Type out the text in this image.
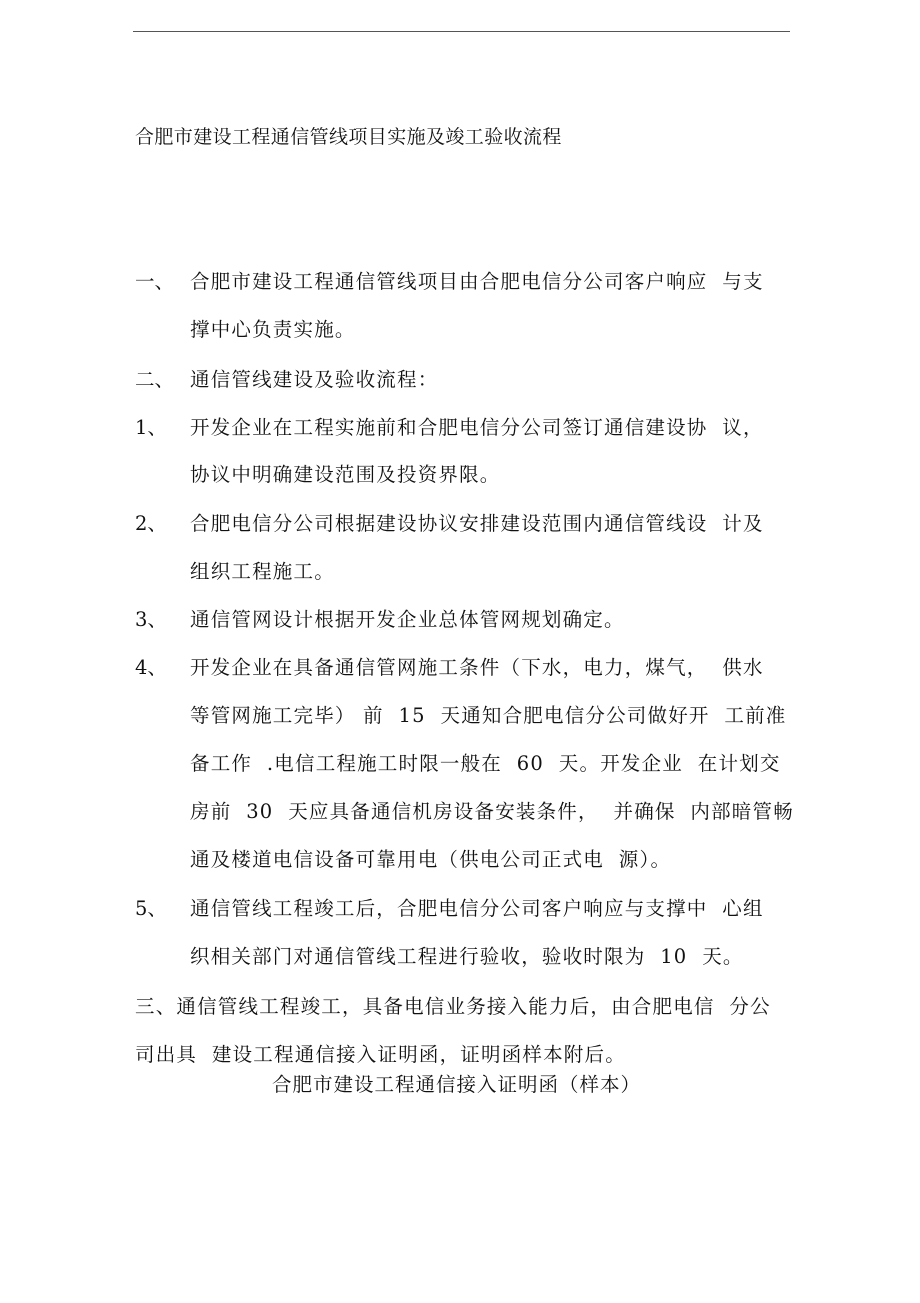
合肥市建设工程通信管线项目实施及竣工验收流程
一、 合肥市建设工程通信管线项目由合肥电信分公司客户响应  与支
撑中心负责实施。
二、 通信管线建设及验收流程：
1、 开发企业在工程实施前和合肥电信分公司签订通信建设协  议，
协议中明确建设范围及投资界限。
2、 合肥电信分公司根据建设协议安排建设范围内通信管线设  计及
组织工程施工。
3、 通信管网设计根据开发企业总体管网规划确定。
4、 开发企业在具备通信管网施工条件（下水，电力，煤气，  供水
等管网施工完毕） 前  15  天通知合肥电信分公司做好开  工前准
备工作  .电信工程施工时限一般在  60  天。开发企业  在计划交
房前  30  天应具备通信机房设备安装条件，  并确保  内部暗管畅
通及楼道电信设备可靠用电（供电公司正式电  源）。
5、 通信管线工程竣工后，合肥电信分公司客户响应与支撑中  心组
织相关部门对通信管线工程进行验收，验收时限为  10  天。
三、通信管线工程竣工，具备电信业务接入能力后，由合肥电信  分公
司出具  建设工程通信接入证明函，证明函样本附后。
合肥市建设工程通信接入证明函（样本）
